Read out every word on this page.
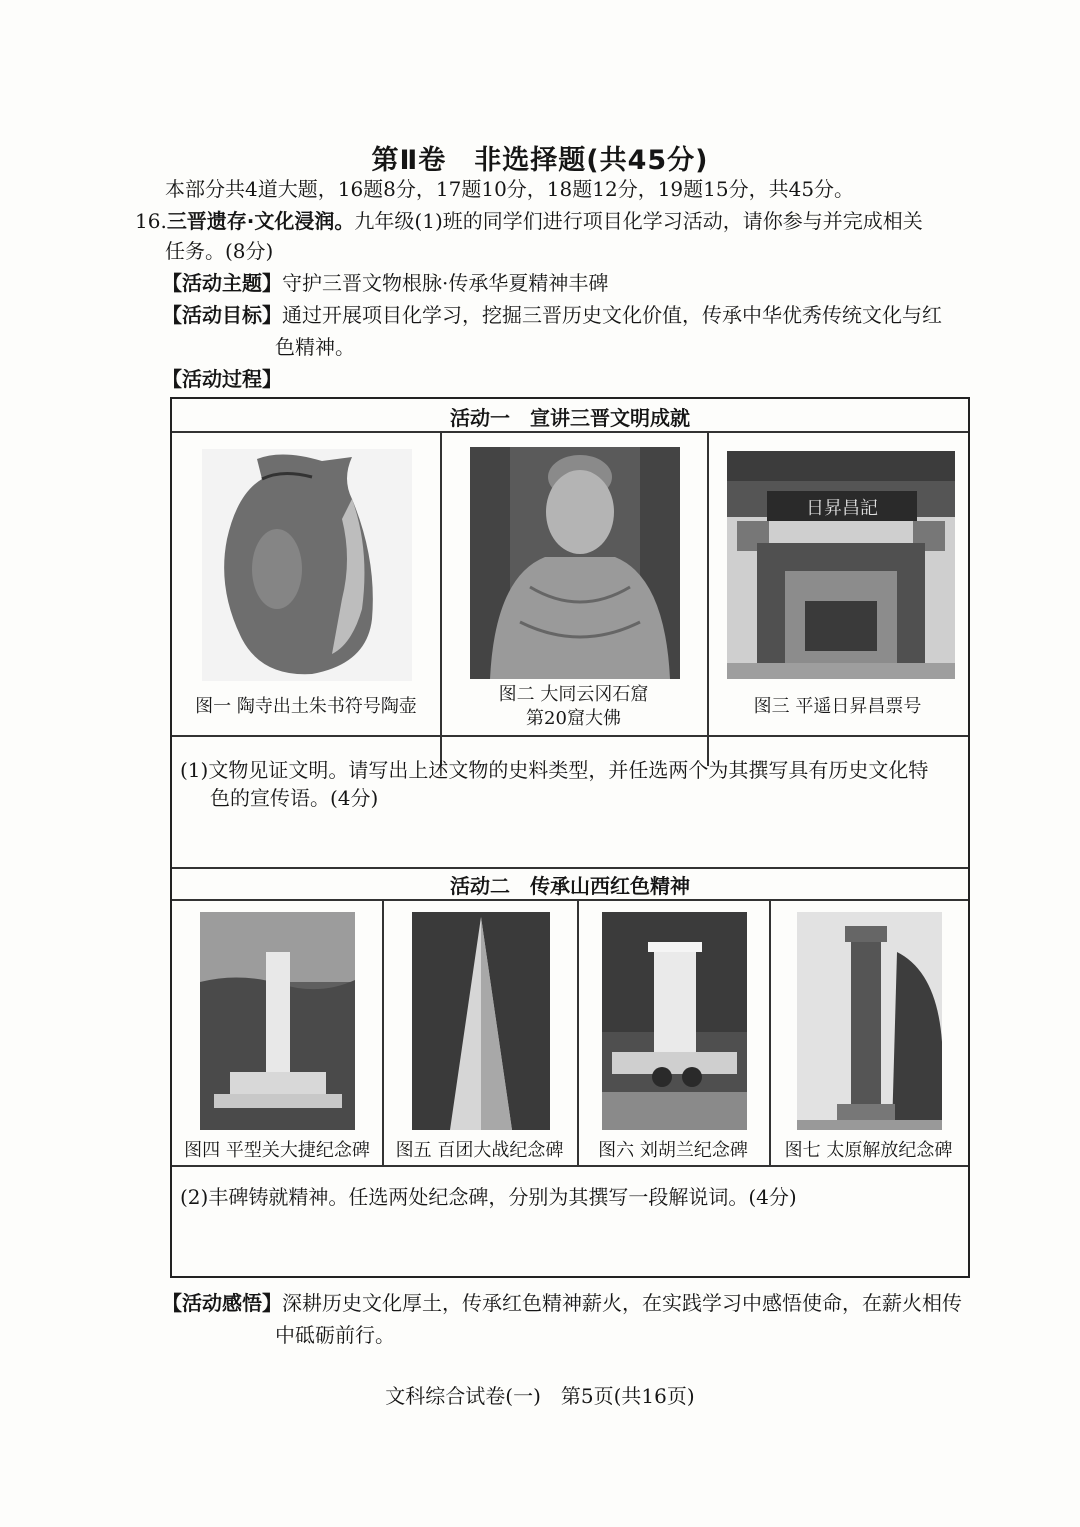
第Ⅱ卷　非选择题(共45分)
本部分共4道大题，16题8分，17题10分，18题12分，19题15分，共45分。
16.三晋遗存·文化浸润。九年级(1)班的同学们进行项目化学习活动，请你参与并完成相关
任务。(8分)
【活动主题】守护三晋文物根脉·传承华夏精神丰碑
【活动目标】通过开展项目化学习，挖掘三晋历史文化价值，传承中华优秀传统文化与红
色精神。
【活动过程】
活动一　宣讲三晋文明成就
图一 陶寺出土朱书符号陶壶
图二 大同云冈石窟
第20窟大佛
日昇昌記
图三 平遥日昇昌票号
(1)文物见证文明。请写出上述文物的史料类型，并任选两个为其撰写具有历史文化特
色的宣传语。(4分)
活动二　传承山西红色精神
图四 平型关大捷纪念碑	图五 百团大战纪念碑	图六 刘胡兰纪念碑	图七 太原解放纪念碑
(2)丰碑铸就精神。任选两处纪念碑，分别为其撰写一段解说词。(4分)
【活动感悟】深耕历史文化厚土，传承红色精神薪火，在实践学习中感悟使命，在薪火相传
中砥砺前行。
文科综合试卷(一)　第5页(共16页)
